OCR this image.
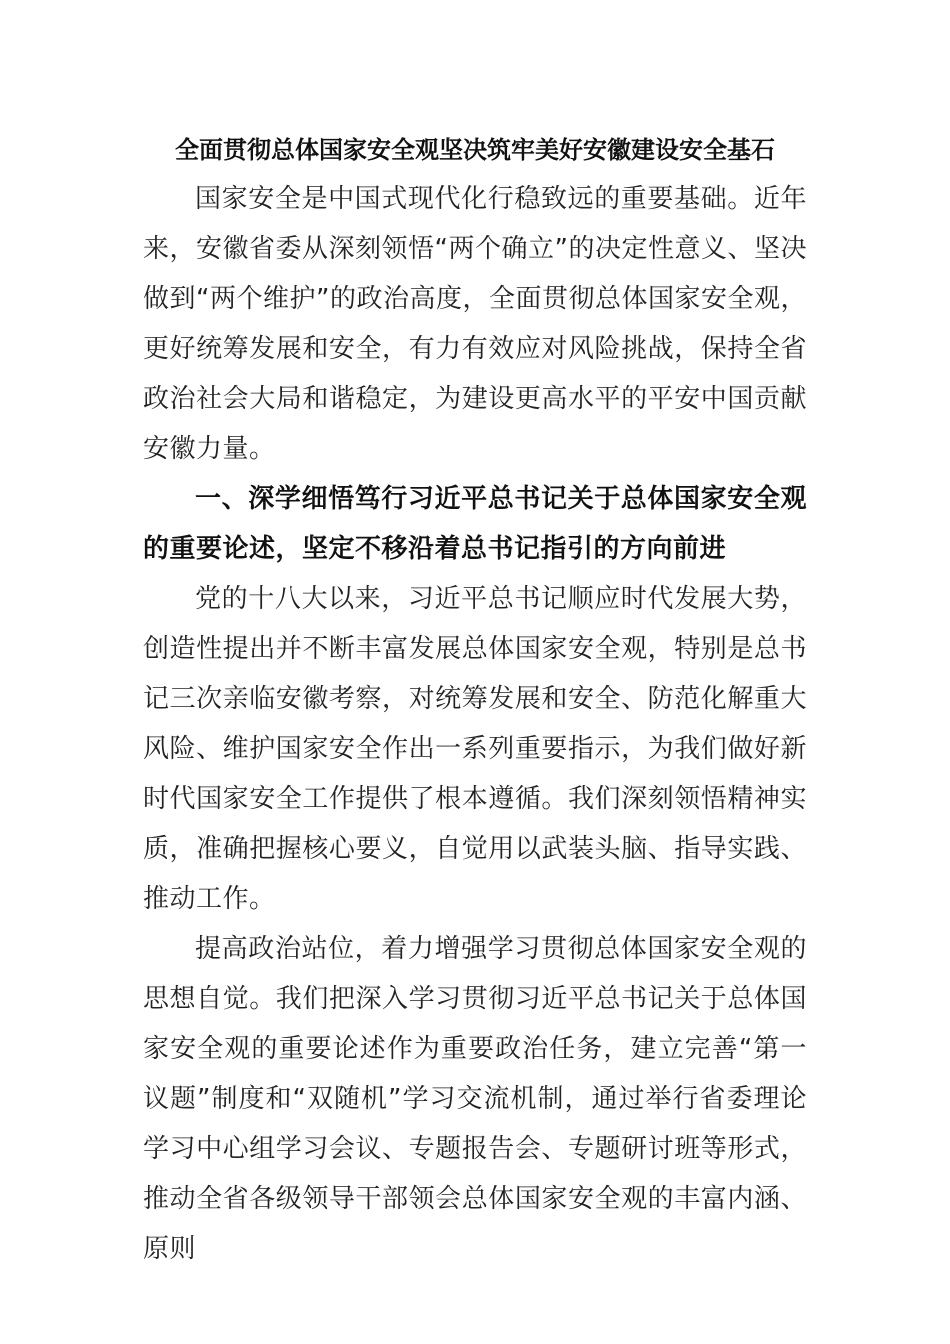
全面贯彻总体国家安全观坚决筑牢美好安徽建设安全基石

国家安全是中国式现代化行稳致远的重要基础。近年来，安徽省委从深刻领悟“两个确立”的决定性意义、坚决做到“两个维护”的政治高度，全面贯彻总体国家安全观，更好统筹发展和安全，有力有效应对风险挑战，保持全省政治社会大局和谐稳定，为建设更高水平的平安中国贡献安徽力量。

一、深学细悟笃行习近平总书记关于总体国家安全观的重要论述，坚定不移沿着总书记指引的方向前进

党的十八大以来，习近平总书记顺应时代发展大势，创造性提出并不断丰富发展总体国家安全观，特别是总书记三次亲临安徽考察，对统筹发展和安全、防范化解重大风险、维护国家安全作出一系列重要指示，为我们做好新时代国家安全工作提供了根本遵循。我们深刻领悟精神实质，准确把握核心要义，自觉用以武装头脑、指导实践、推动工作。

提高政治站位，着力增强学习贯彻总体国家安全观的思想自觉。我们把深入学习贯彻习近平总书记关于总体国家安全观的重要论述作为重要政治任务，建立完善“第一议题”制度和“双随机”学习交流机制，通过举行省委理论学习中心组学习会议、专题报告会、专题研讨班等形式，推动全省各级领导干部领会总体国家安全观的丰富内涵、原则
